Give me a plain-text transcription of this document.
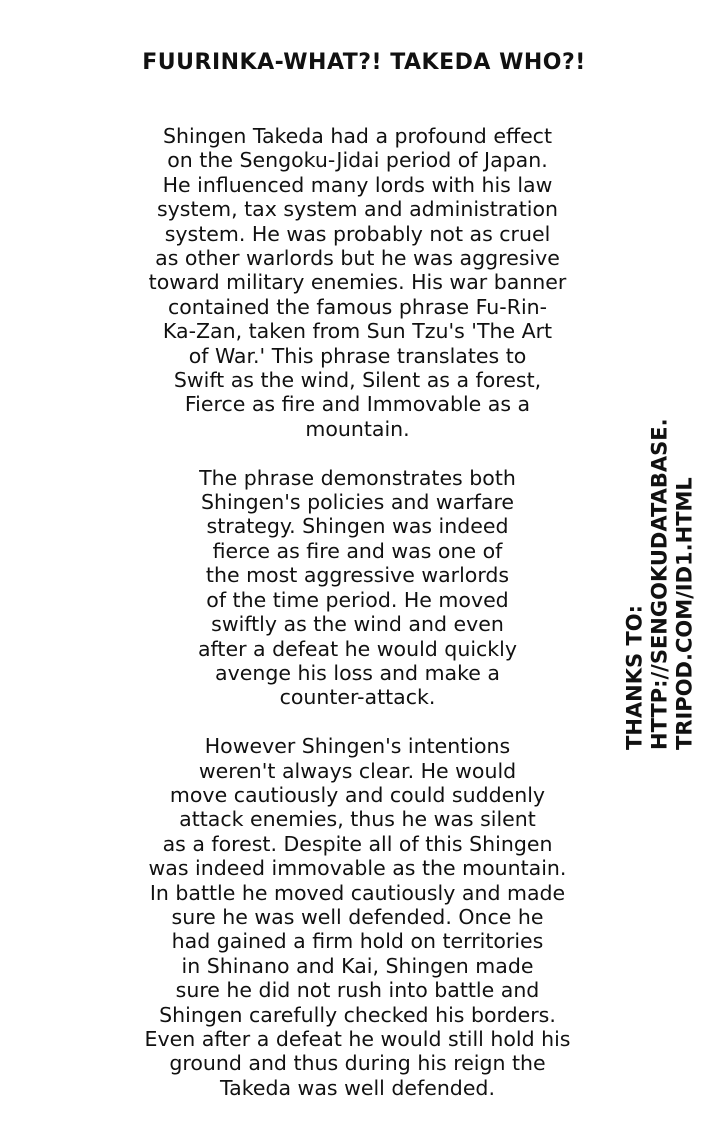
FUURINKA-WHAT?! TAKEDA WHO?!

Shingen Takeda had a profound effect
on the Sengoku-Jidai period of Japan.
He influenced many lords with his law
system, tax system and administration
system. He was probably not as cruel
as other warlords but he was aggresive
toward military enemies. His war banner
contained the famous phrase Fu-Rin-
Ka-Zan, taken from Sun Tzu's 'The Art
of War.' This phrase translates to
Swift as the wind, Silent as a forest,
Fierce as fire and Immovable as a
mountain.

The phrase demonstrates both
Shingen's policies and warfare
strategy. Shingen was indeed
fierce as fire and was one of
the most aggressive warlords
of the time period. He moved
swiftly as the wind and even
after a defeat he would quickly
avenge his loss and make a
counter-attack.

However Shingen's intentions
weren't always clear. He would
move cautiously and could suddenly
attack enemies, thus he was silent
as a forest. Despite all of this Shingen
was indeed immovable as the mountain.
In battle he moved cautiously and made
sure he was well defended. Once he
had gained a firm hold on territories
in Shinano and Kai, Shingen made
sure he did not rush into battle and
Shingen carefully checked his borders.
Even after a defeat he would still hold his
ground and thus during his reign the
Takeda was well defended.

THANKS TO: HTTP://SENGOKUDATABASE. TRIPOD.COM/ID1.HTML
